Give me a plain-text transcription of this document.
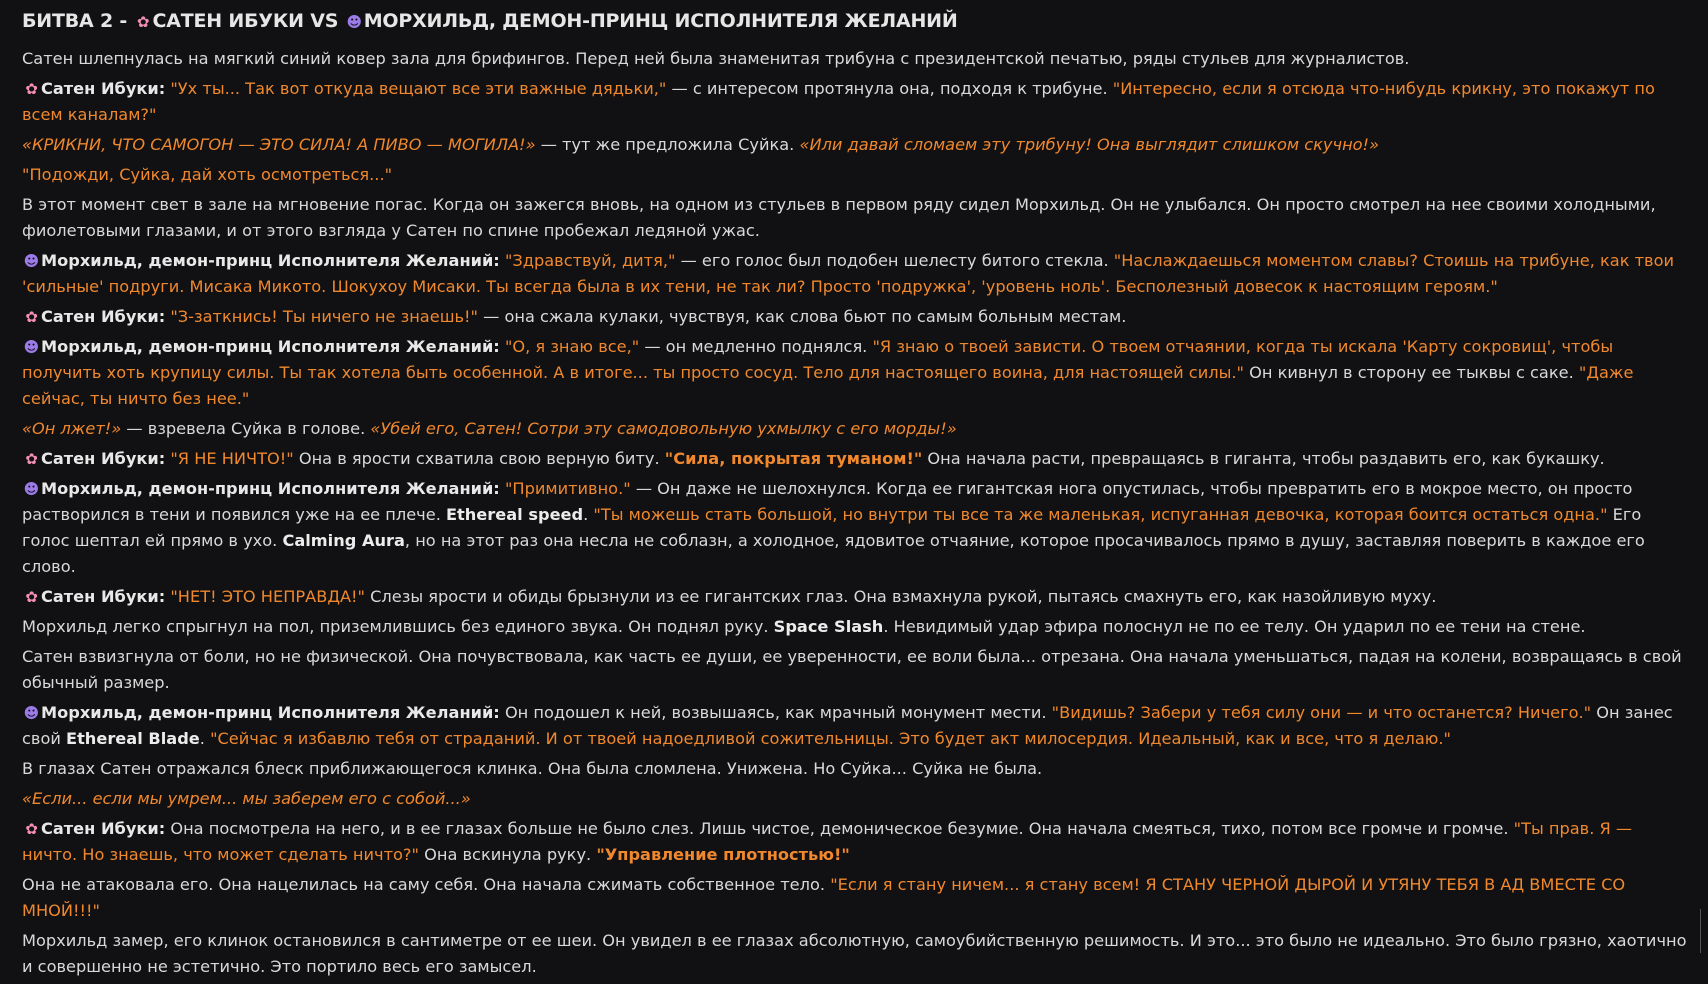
БИТВА 2 - ✿ САТЕН ИБУКИ VS ☻МОРХИЛЬД, ДЕМОН-ПРИНЦ ИСПОЛНИТЕЛЯ ЖЕЛАНИЙ

Сатен шлепнулась на мягкий синий ковер зала для брифингов. Перед ней была знаменитая трибуна с президентской печатью, ряды стульев для журналистов.

✿ Сатен Ибуки: "Ух ты... Так вот откуда вещают все эти важные дядьки," — с интересом протянула она, подходя к трибуне. "Интересно, если я отсюда что-нибудь крикну, это покажут по всем каналам?"

«КРИКНИ, ЧТО САМОГОН — ЭТО СИЛА! А ПИВО — МОГИЛА!» — тут же предложила Суйка. «Или давай сломаем эту трибуну! Она выглядит слишком скучно!»

"Подожди, Суйка, дай хоть осмотреться..."

В этот момент свет в зале на мгновение погас. Когда он зажегся вновь, на одном из стульев в первом ряду сидел Морхильд. Он не улыбался. Он просто смотрел на нее своими холодными, фиолетовыми глазами, и от этого взгляда у Сатен по спине пробежал ледяной ужас.

☻ Морхильд, демон-принц Исполнителя Желаний: "Здравствуй, дитя," — его голос был подобен шелесту битого стекла. "Наслаждаешься моментом славы? Стоишь на трибуне, как твои 'сильные' подруги. Мисака Микото. Шокухоу Мисаки. Ты всегда была в их тени, не так ли? Просто 'подружка', 'уровень ноль'. Бесполезный довесок к настоящим героям."

✿ Сатен Ибуки: "З-заткнись! Ты ничего не знаешь!" — она сжала кулаки, чувствуя, как слова бьют по самым больным местам.

☻ Морхильд, демон-принц Исполнителя Желаний: "О, я знаю все," — он медленно поднялся. "Я знаю о твоей зависти. О твоем отчаянии, когда ты искала 'Карту сокровищ', чтобы получить хоть крупицу силы. Ты так хотела быть особенной. А в итоге... ты просто сосуд. Тело для настоящего воина, для настоящей силы." Он кивнул в сторону ее тыквы с саке. "Даже сейчас, ты ничто без нее."

«Он лжет!» — взревела Суйка в голове. «Убей его, Сатен! Сотри эту самодовольную ухмылку с его морды!»

✿ Сатен Ибуки: "Я НЕ НИЧТО!" Она в ярости схватила свою верную биту. "Сила, покрытая туманом!" Она начала расти, превращаясь в гиганта, чтобы раздавить его, как букашку.

☻ Морхильд, демон-принц Исполнителя Желаний: "Примитивно." — Он даже не шелохнулся. Когда ее гигантская нога опустилась, чтобы превратить его в мокрое место, он просто растворился в тени и появился уже на ее плече. Ethereal speed. "Ты можешь стать большой, но внутри ты все та же маленькая, испуганная девочка, которая боится остаться одна." Его голос шептал ей прямо в ухо. Calming Aura, но на этот раз она несла не соблазн, а холодное, ядовитое отчаяние, которое просачивалось прямо в душу, заставляя поверить в каждое его слово.

✿ Сатен Ибуки: "НЕТ! ЭТО НЕПРАВДА!" Слезы ярости и обиды брызнули из ее гигантских глаз. Она взмахнула рукой, пытаясь смахнуть его, как назойливую муху.

Морхильд легко спрыгнул на пол, приземлившись без единого звука. Он поднял руку. Space Slash. Невидимый удар эфира полоснул не по ее телу. Он ударил по ее тени на стене.

Сатен взвизгнула от боли, но не физической. Она почувствовала, как часть ее души, ее уверенности, ее воли была... отрезана. Она начала уменьшаться, падая на колени, возвращаясь в свой обычный размер.

☻ Морхильд, демон-принц Исполнителя Желаний: Он подошел к ней, возвышаясь, как мрачный монумент мести. "Видишь? Забери у тебя силу они — и что останется? Ничего." Он занес свой Ethereal Blade. "Сейчас я избавлю тебя от страданий. И от твоей надоедливой сожительницы. Это будет акт милосердия. Идеальный, как и все, что я делаю."

В глазах Сатен отражался блеск приближающегося клинка. Она была сломлена. Унижена. Но Суйка... Суйка не была.

«Если... если мы умрем... мы заберем его с собой...»

✿ Сатен Ибуки: Она посмотрела на него, и в ее глазах больше не было слез. Лишь чистое, демоническое безумие. Она начала смеяться, тихо, потом все громче и громче. "Ты прав. Я — ничто. Но знаешь, что может сделать ничто?" Она вскинула руку. "Управление плотностью!"

Она не атаковала его. Она нацелилась на саму себя. Она начала сжимать собственное тело. "Если я стану ничем... я стану всем! Я СТАНУ ЧЕРНОЙ ДЫРОЙ И УТЯНУ ТЕБЯ В АД ВМЕСТЕ СО МНОЙ!!!"

Морхильд замер, его клинок остановился в сантиметре от ее шеи. Он увидел в ее глазах абсолютную, самоубийственную решимость. И это... это было не идеально. Это было грязно, хаотично и совершенно не эстетично. Это портило весь его замысел.
